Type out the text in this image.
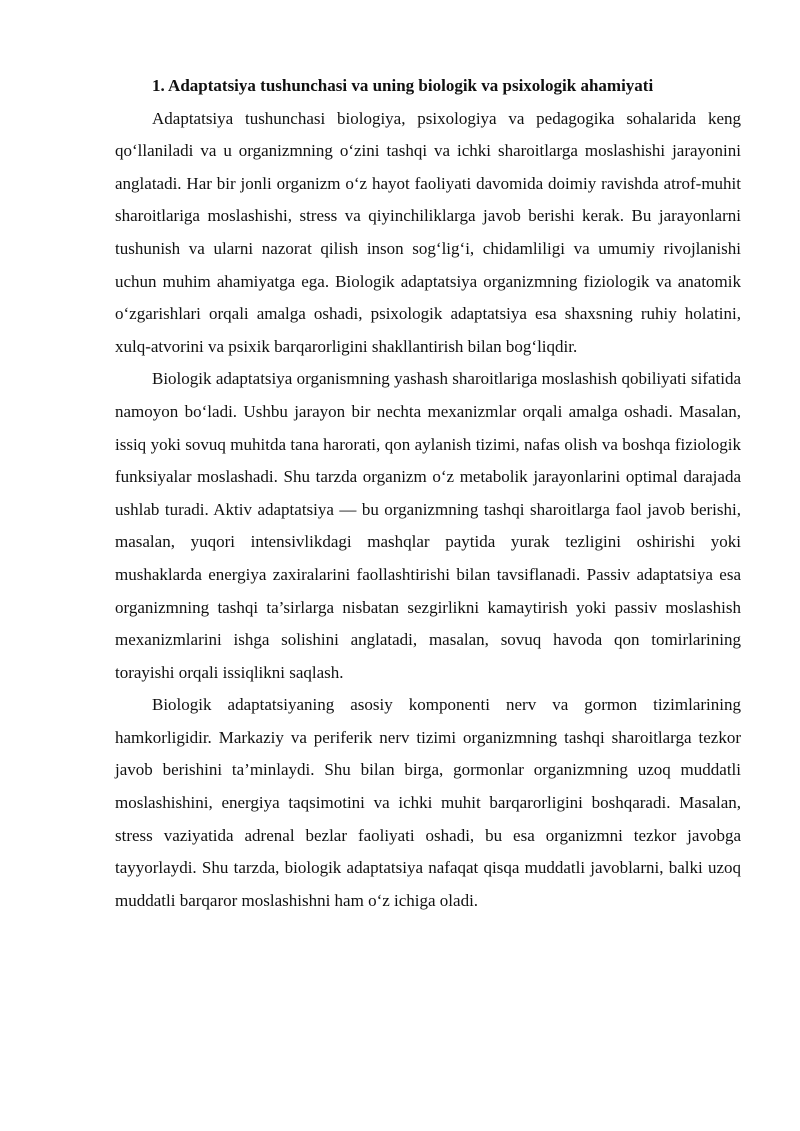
1. Adaptatsiya tushunchasi va uning biologik va psixologik ahamiyati

Adaptatsiya tushunchasi biologiya, psixologiya va pedagogika sohalarida keng qo‘llaniladi va u organizmning o‘zini tashqi va ichki sharoitlarga moslashishi jarayonini anglatadi. Har bir jonli organizm o‘z hayot faoliyati davomida doimiy ravishda atrof-muhit sharoitlariga moslashishi, stress va qiyinchiliklarga javob berishi kerak. Bu jarayonlarni tushunish va ularni nazorat qilish inson sog‘lig‘i, chidamliligi va umumiy rivojlanishi uchun muhim ahamiyatga ega. Biologik adaptatsiya organizmning fiziologik va anatomik o‘zgarishlari orqali amalga oshadi, psixologik adaptatsiya esa shaxsning ruhiy holatini, xulq-atvorini va psixik barqarorligini shakllantirish bilan bog‘liqdir.

Biologik adaptatsiya organismning yashash sharoitlariga moslashish qobiliyati sifatida namoyon bo‘ladi. Ushbu jarayon bir nechta mexanizmlar orqali amalga oshadi. Masalan, issiq yoki sovuq muhitda tana harorati, qon aylanish tizimi, nafas olish va boshqa fiziologik funksiyalar moslashadi. Shu tarzda organizm o‘z metabolik jarayonlarini optimal darajada ushlab turadi. Aktiv adaptatsiya — bu organizmning tashqi sharoitlarga faol javob berishi, masalan, yuqori intensivlikdagi mashqlar paytida yurak tezligini oshirishi yoki mushaklarda energiya zaxiralarini faollashtirishi bilan tavsiflanadi. Passiv adaptatsiya esa organizmning tashqi ta’sirlarga nisbatan sezgirlikni kamaytirish yoki passiv moslashish mexanizmlarini ishga solishini anglatadi, masalan, sovuq havoda qon tomirlarining torayishi orqali issiqlikni saqlash.

Biologik adaptatsiyaning asosiy komponenti nerv va gormon tizimlarining hamkorligidir. Markaziy va periferik nerv tizimi organizmning tashqi sharoitlarga tezkor javob berishini ta’minlaydi. Shu bilan birga, gormonlar organizmning uzoq muddatli moslashishini, energiya taqsimotini va ichki muhit barqarorligini boshqaradi. Masalan, stress vaziyatida adrenal bezlar faoliyati oshadi, bu esa organizmni tezkor javobga tayyorlaydi. Shu tarzda, biologik adaptatsiya nafaqat qisqa muddatli javoblarni, balki uzoq muddatli barqaror moslashishni ham o‘z ichiga oladi.
